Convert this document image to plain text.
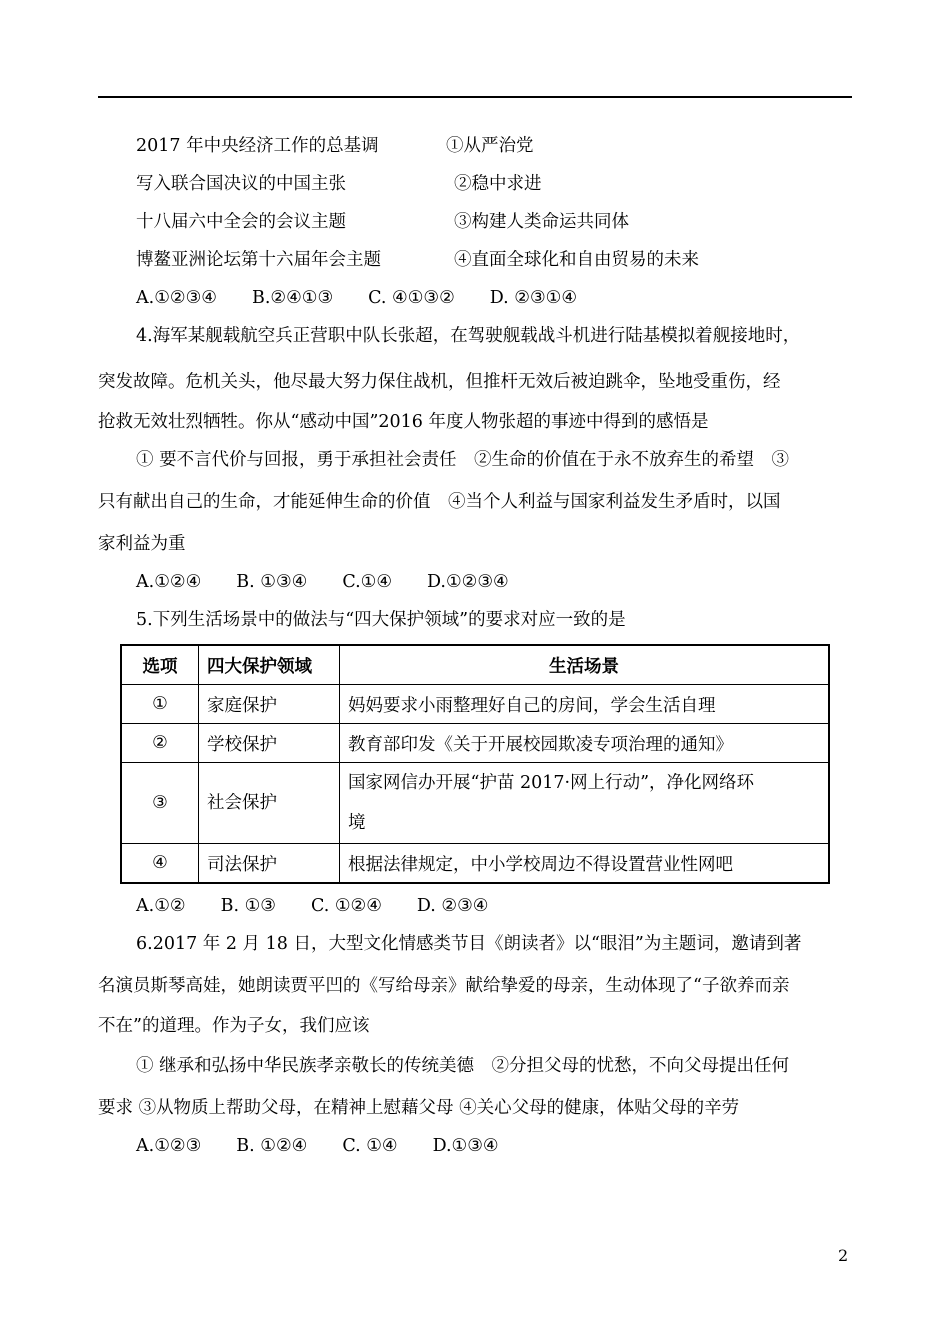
2017 年中央经济工作的总基调	①从严治党
写入联合国决议的中国主张	②稳中求进
十八届六中全会的会议主题	③构建人类命运共同体
博鳌亚洲论坛第十六届年会主题	④直面全球化和自由贸易的未来
A.①②③④　　B.②④①③　　C. ④①③②　　D. ②③①④
4.海军某舰载航空兵正营职中队长张超，在驾驶舰载战斗机进行陆基模拟着舰接地时，
突发故障。危机关头，他尽最大努力保住战机，但推杆无效后被迫跳伞，坠地受重伤，经
抢救无效壮烈牺牲。你从“感动中国”2016 年度人物张超的事迹中得到的感悟是
① 要不言代价与回报，勇于承担社会责任　②生命的价值在于永不放弃生的希望　③
只有献出自己的生命，才能延伸生命的价值　④当个人利益与国家利益发生矛盾时，以国
家利益为重
A.①②④　　B. ①③④　　C.①④　　D.①②③④
5.下列生活场景中的做法与“四大保护领域”的要求对应一致的是
选项	四大保护领域	生活场景
①	家庭保护	妈妈要求小雨整理好自己的房间，学会生活自理
②	学校保护	教育部印发《关于开展校园欺凌专项治理的通知》
③	社会保护	国家网信办开展“护苗 2017·网上行动”，净化网络环
境
④	司法保护	根据法律规定，中小学校周边不得设置营业性网吧
A.①②　　B. ①③　　C. ①②④　　D. ②③④
6.2017 年 2 月 18 日，大型文化情感类节目《朗读者》以“眼泪”为主题词，邀请到著
名演员斯琴高娃，她朗读贾平凹的《写给母亲》献给挚爱的母亲，生动体现了“子欲养而亲
不在”的道理。作为子女，我们应该
① 继承和弘扬中华民族孝亲敬长的传统美德　②分担父母的忧愁，不向父母提出任何
要求 ③从物质上帮助父母，在精神上慰藉父母 ④关心父母的健康，体贴父母的辛劳
A.①②③　　B. ①②④　　C. ①④　　D.①③④
2
